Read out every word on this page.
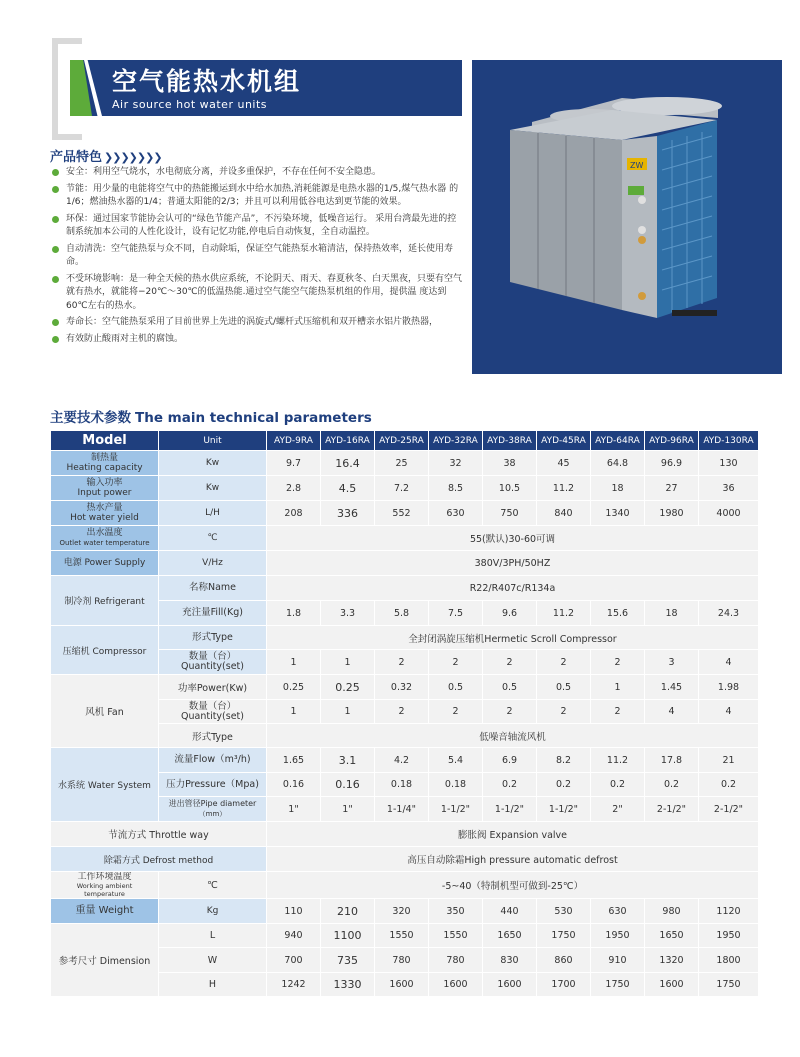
空气能热水机组
Air source hot water units
ZW
产品特色 ❯❯❯❯❯❯❯
安全：利用空气烧水，水电彻底分离，并设多重保护，不存在任何不安全隐患。
节能：用少量的电能将空气中的热能搬运到水中给水加热,消耗能源是电热水器的1/5,煤气热水器 的1/6；燃油热水器的1/4；普通太阳能的2/3；并且可以利用低谷电达到更节能的效果。
环保：通过国家节能协会认可的“绿色节能产品”，不污染环境，低噪音运行。 采用台湾最先进的控制系统加本公司的人性化设计，设有记忆功能,停电后自动恢复，全自动温控。
自动清洗：空气能热泵与众不同，自动除垢，保证空气能热泵水箱清洁，保持热效率，延长使用寿命。
不受环境影响：是一种全天候的热水供应系统，不论阴天、雨天、春夏秋冬、白天黑夜，只要有空气就有热水，就能将−20℃～30℃的低温热能.通过空气能空气能热泵机组的作用，提供温 度达到60℃左右的热水。
寿命长：空气能热泵采用了目前世界上先进的涡旋式/螺杆式压缩机和双开槽亲水铝片散热器，
有效防止酸雨对主机的腐蚀。
主要技术参数 The main technical parameters
Model	Unit	AYD-9RA	AYD-16RA	AYD-25RA	AYD-32RA	AYD-38RA	AYD-45RA	AYD-64RA	AYD-96RA	AYD-130RA

制热量
Heating capacity	Kw	9.7	16.4	25	32	38	45	64.8	96.9	130

输入功率
Input power	Kw	2.8	4.5	7.2	8.5	10.5	11.2	18	27	36

热水产量
Hot water yield	L/H	208	336	552	630	750	840	1340	1980	4000

出水温度
Outlet water temperature	℃	55(默认)30-60可调								
电源 Power Supply	V/Hz	380V/3PH/50HZ								
制冷剂 Refrigerant	名称Name	R22/R407c/R134a								
	充注量Fill(Kg)	1.8	3.3	5.8	7.5	9.6	11.2	15.6	18	24.3
压缩机 Compressor	形式Type	全封闭涡旋压缩机Hermetic Scroll Compressor								

	数量（台）
Quantity(set)	1	1	2	2	2	2	2	3	4
风机 Fan	功率Power(Kw)	0.25	0.25	0.32	0.5	0.5	0.5	1	1.45	1.98

	数量（台）
Quantity(set)	1	1	2	2	2	2	2	4	4
	形式Type	低噪音轴流风机								
水系统 Water System	流量Flow（m³/h)	1.65	3.1	4.2	5.4	6.9	8.2	11.2	17.8	21
	压力Pressure（Mpa)	0.16	0.16	0.18	0.18	0.2	0.2	0.2	0.2	0.2

	进出管径Pipe diameter
（mm）	1"	1"	1-1/4"	1-1/2"	1-1/2"	1-1/2"	2"	2-1/2"	2-1/2"
节流方式 Throttle way		膨胀阀 Expansion valve								
除霜方式 Defrost method		高压自动除霜High pressure automatic defrost								

工作环境温度
Working ambient
temperature	℃	-5~40（特制机型可做到-25℃）								
重量 Weight	Kg	110	210	320	350	440	530	630	980	1120
参考尺寸 Dimension	L	940	1100	1550	1550	1650	1750	1950	1650	1950
	W	700	735	780	780	830	860	910	1320	1800
	H	1242	1330	1600	1600	1600	1700	1750	1600	1750
